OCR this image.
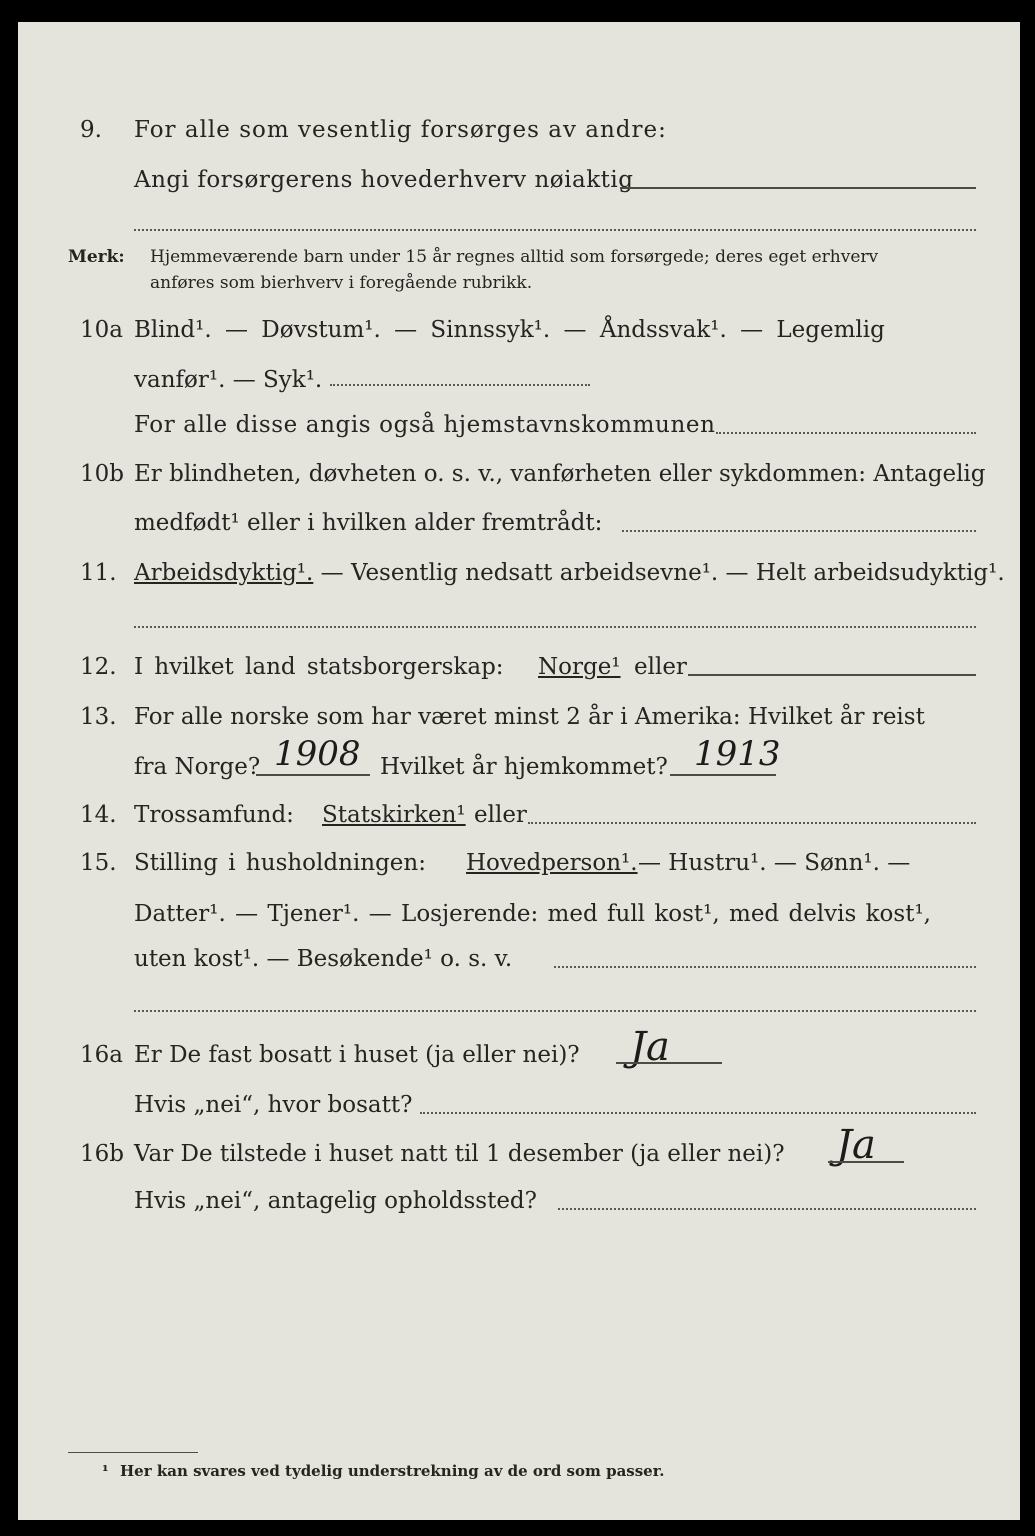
9. For alle som vesentlig forsørges av andre:
Angi forsørgerens hovederhverv nøiaktig
Merk: Hjemmeværende barn under 15 år regnes alltid som forsørgede; deres eget erhverv
anføres som bierhverv i foregående rubrikk.
10a Blind¹. — Døvstum¹. — Sinnssyk¹. — Åndssvak¹. — Legemlig
vanfør¹. — Syk¹.
For alle disse angis også hjemstavnskommunen
10b Er blindheten, døvheten o. s. v., vanførheten eller sykdommen: Antagelig
medfødt¹ eller i hvilken alder fremtrådt:
11. Arbeidsdyktig¹. — Vesentlig nedsatt arbeidsevne¹. — Helt arbeidsudyktig¹.
12. I hvilket land statsborgerskap: Norge¹ eller
13. For alle norske som har været minst 2 år i Amerika: Hvilket år reist
fra Norge? 1908 Hvilket år hjemkommet? 1913
14. Trossamfund: Statskirken¹ eller
15. Stilling i husholdningen: Hovedperson¹. — Hustru¹. — Sønn¹. —
Datter¹. — Tjener¹. — Losjerende: med full kost¹, med delvis kost¹,
uten kost¹. — Besøkende¹ o. s. v.
16a Er De fast bosatt i huset (ja eller nei)? Ja
Hvis „nei“, hvor bosatt?
16b Var De tilstede i huset natt til 1 desember (ja eller nei)? Ja
Hvis „nei“, antagelig opholdssted?
¹ Her kan svares ved tydelig understrekning av de ord som passer.
